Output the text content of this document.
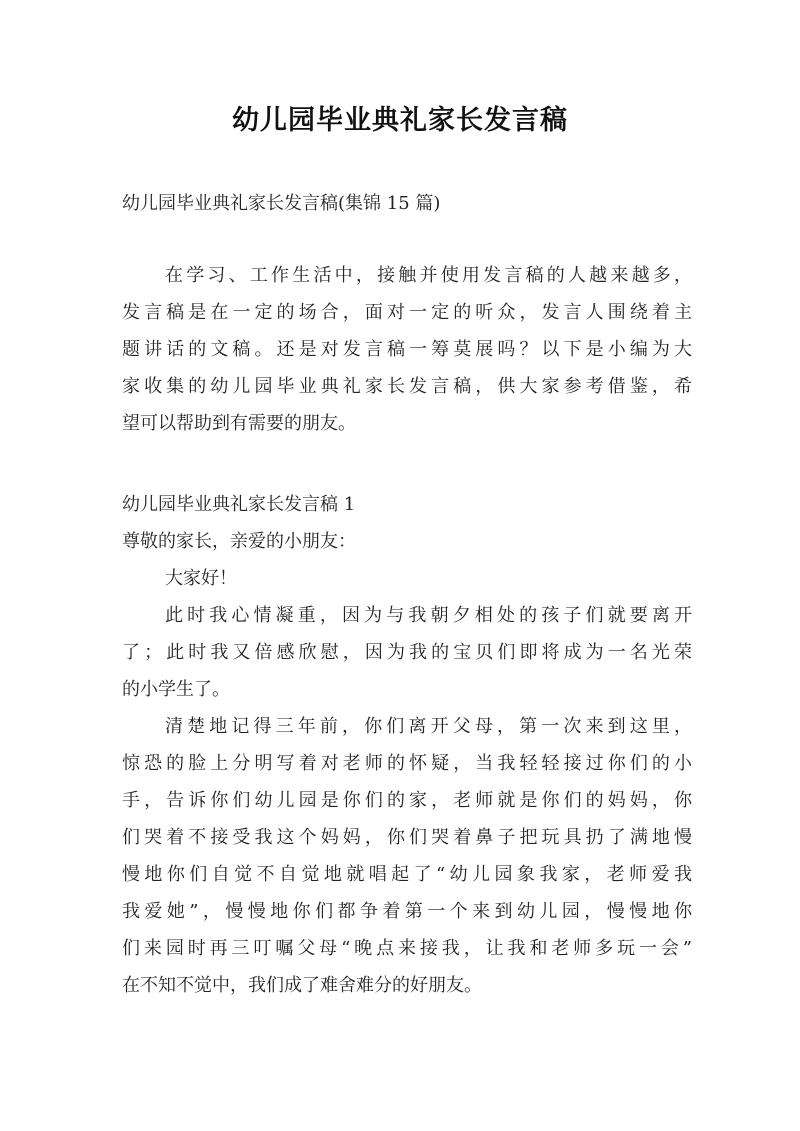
幼儿园毕业典礼家长发言稿
幼儿园毕业典礼家长发言稿(集锦 15 篇)
在学习、工作生活中，接触并使用发言稿的人越来越多，
发言稿是在一定的场合，面对一定的听众，发言人围绕着主
题讲话的文稿。还是对发言稿一筹莫展吗？以下是小编为大
家收集的幼儿园毕业典礼家长发言稿，供大家参考借鉴，希
望可以帮助到有需要的朋友。
幼儿园毕业典礼家长发言稿 1
尊敬的家长，亲爱的小朋友：
大家好！
此时我心情凝重，因为与我朝夕相处的孩子们就要离开
了；此时我又倍感欣慰，因为我的宝贝们即将成为一名光荣
的小学生了。
清楚地记得三年前，你们离开父母，第一次来到这里，
惊恐的脸上分明写着对老师的怀疑，当我轻轻接过你们的小
手，告诉你们幼儿园是你们的家，老师就是你们的妈妈，你
们哭着不接受我这个妈妈，你们哭着鼻子把玩具扔了满地慢
慢地你们自觉不自觉地就唱起了“幼儿园象我家，老师爱我
我爱她”，慢慢地你们都争着第一个来到幼儿园，慢慢地你
们来园时再三叮嘱父母“晚点来接我，让我和老师多玩一会”
在不知不觉中，我们成了难舍难分的好朋友。
